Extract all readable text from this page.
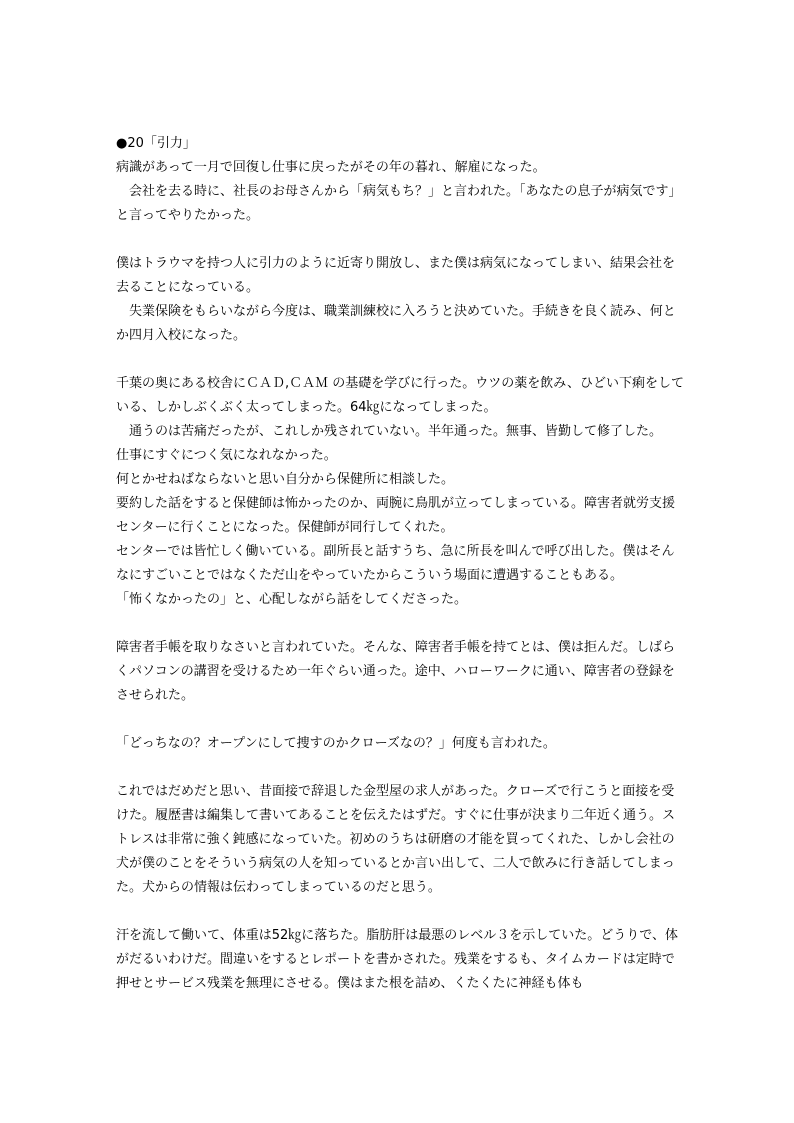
●20「引力」

病識があって一月で回復し仕事に戻ったがその年の暮れ、解雇になった。

　会社を去る時に、社長のお母さんから「病気もち？」と言われた。「あなたの息子が病気です」と言ってやりたかった。

僕はトラウマを持つ人に引力のように近寄り開放し、また僕は病気になってしまい、結果会社を去ることになっている。

　失業保険をもらいながら今度は、職業訓練校に入ろうと決めていた。手続きを良く読み、何とか四月入校になった。

千葉の奥にある校舎にＣＡＤ,ＣＡＭ の基礎を学びに行った。ウツの薬を飲み、ひどい下痢をしている、しかしぶくぶく太ってしまった。64㎏になってしまった。

　通うのは苦痛だったが、これしか残されていない。半年通った。無事、皆勤して修了した。

仕事にすぐにつく気になれなかった。

何とかせねばならないと思い自分から保健所に相談した。

要約した話をすると保健師は怖かったのか、両腕に鳥肌が立ってしまっている。障害者就労支援センターに行くことになった。保健師が同行してくれた。

センターでは皆忙しく働いている。副所長と話すうち、急に所長を叫んで呼び出した。僕はそんなにすごいことではなくただ山をやっていたからこういう場面に遭遇することもある。

「怖くなかったの」と、心配しながら話をしてくださった。

障害者手帳を取りなさいと言われていた。そんな、障害者手帳を持てとは、僕は拒んだ。しばらくパソコンの講習を受けるため一年ぐらい通った。途中、ハローワークに通い、障害者の登録をさせられた。

「どっちなの？オープンにして捜すのかクローズなの？」何度も言われた。

これではだめだと思い、昔面接で辞退した金型屋の求人があった。クローズで行こうと面接を受けた。履歴書は編集して書いてあることを伝えたはずだ。すぐに仕事が決まり二年近く通う。ストレスは非常に強く鈍感になっていた。初めのうちは研磨の才能を買ってくれた、しかし会社の犬が僕のことをそういう病気の人を知っているとか言い出して、二人で飲みに行き話してしまった。犬からの情報は伝わってしまっているのだと思う。

汗を流して働いて、体重は52㎏に落ちた。脂肪肝は最悪のレベル３を示していた。どうりで、体がだるいわけだ。間違いをするとレポートを書かされた。残業をするも、タイムカードは定時で押せとサービス残業を無理にさせる。僕はまた根を詰め、くたくたに神経も体も
